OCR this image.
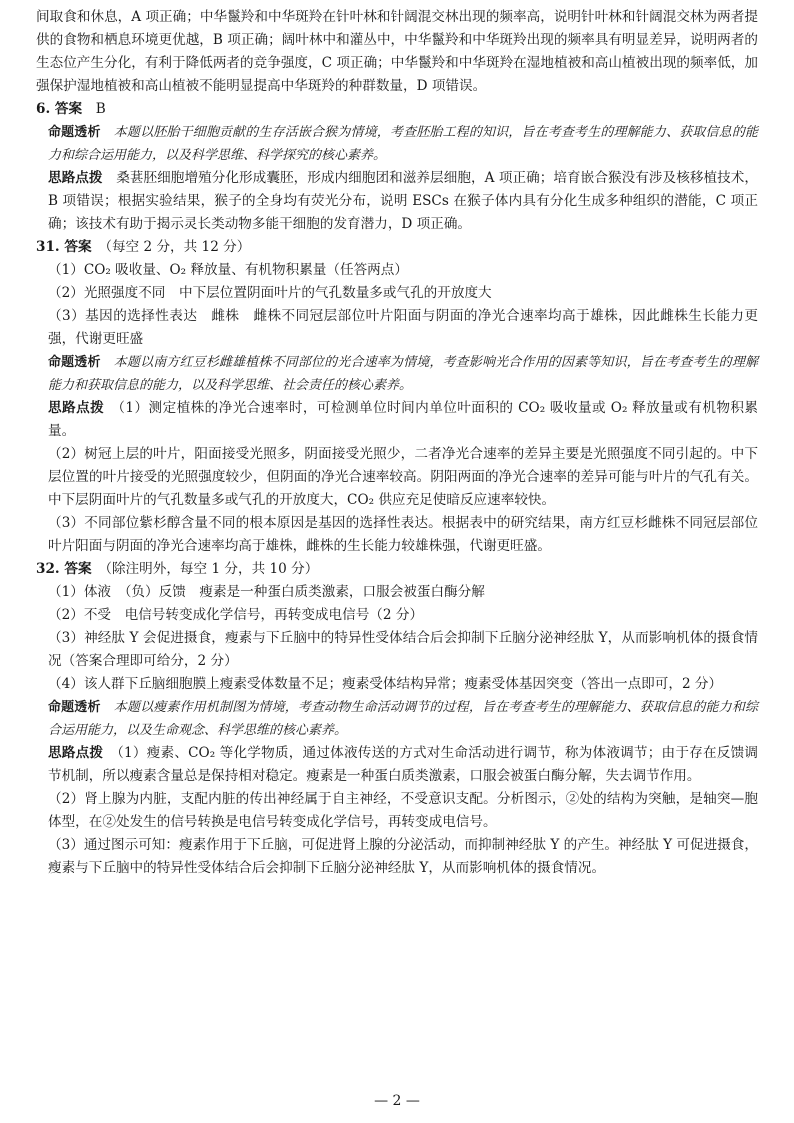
间取食和休息，A 项正确；中华鬣羚和中华斑羚在针叶林和针阔混交林出现的频率高，说明针叶林和针阔混交林为两者提供的食物和栖息环境更优越，B 项正确；阔叶林中和灌丛中，中华鬣羚和中华斑羚出现的频率具有明显差异，说明两者的生态位产生分化，有利于降低两者的竞争强度，C 项正确；中华鬣羚和中华斑羚在湿地植被和高山植被出现的频率低，加强保护湿地植被和高山植被不能明显提高中华斑羚的种群数量，D 项错误。

6. 答案　 B

命题透析　 本题以胚胎干细胞贡献的生存活嵌合猴为情境，考查胚胎工程的知识，旨在考查考生的理解能力、获取信息的能力和综合运用能力，以及科学思维、科学探究的核心素养。

思路点拨　 桑葚胚细胞增殖分化形成囊胚，形成内细胞团和滋养层细胞，A 项正确；培育嵌合猴没有涉及核移植技术，B 项错误；根据实验结果，猴子的全身均有荧光分布，说明 ESCs 在猴子体内具有分化生成多种组织的潜能，C 项正确；该技术有助于揭示灵长类动物多能干细胞的发育潜力，D 项正确。

31. 答案　 （每空 2 分，共 12 分）

（1）CO₂ 吸收量、O₂ 释放量、有机物积累量（任答两点）

（2）光照强度不同　中下层位置阴面叶片的气孔数量多或气孔的开放度大

（3）基因的选择性表达　雌株　雌株不同冠层部位叶片阳面与阴面的净光合速率均高于雄株，因此雌株生长能力更强，代谢更旺盛

命题透析　 本题以南方红豆杉雌雄植株不同部位的光合速率为情境，考查影响光合作用的因素等知识，旨在考查考生的理解能力和获取信息的能力，以及科学思维、社会责任的核心素养。

思路点拨　 （1）测定植株的净光合速率时，可检测单位时间内单位叶面积的 CO₂ 吸收量或 O₂ 释放量或有机物积累量。

（2）树冠上层的叶片，阳面接受光照多，阴面接受光照少，二者净光合速率的差异主要是光照强度不同引起的。中下层位置的叶片接受的光照强度较少，但阴面的净光合速率较高。阴阳两面的净光合速率的差异可能与叶片的气孔有关。中下层阴面叶片的气孔数量多或气孔的开放度大，CO₂ 供应充足使暗反应速率较快。

（3）不同部位紫杉醇含量不同的根本原因是基因的选择性表达。根据表中的研究结果，南方红豆杉雌株不同冠层部位叶片阳面与阴面的净光合速率均高于雄株，雌株的生长能力较雄株强，代谢更旺盛。

32. 答案　 （除注明外，每空 1 分，共 10 分）

（1）体液　（负）反馈　瘦素是一种蛋白质类激素，口服会被蛋白酶分解

（2）不受　电信号转变成化学信号，再转变成电信号（2 分）

（3）神经肽 Y 会促进摄食，瘦素与下丘脑中的特异性受体结合后会抑制下丘脑分泌神经肽 Y，从而影响机体的摄食情况（答案合理即可给分，2 分）

（4）该人群下丘脑细胞膜上瘦素受体数量不足；瘦素受体结构异常；瘦素受体基因突变（答出一点即可，2 分）

命题透析　 本题以瘦素作用机制图为情境，考查动物生命活动调节的过程，旨在考查考生的理解能力、获取信息的能力和综合运用能力，以及生命观念、科学思维的核心素养。

思路点拨　 （1）瘦素、CO₂ 等化学物质，通过体液传送的方式对生命活动进行调节，称为体液调节；由于存在反馈调节机制，所以瘦素含量总是保持相对稳定。瘦素是一种蛋白质类激素，口服会被蛋白酶分解，失去调节作用。

（2）肾上腺为内脏，支配内脏的传出神经属于自主神经，不受意识支配。分析图示，②处的结构为突触，是轴突—胞体型，在②处发生的信号转换是电信号转变成化学信号，再转变成电信号。

（3）通过图示可知：瘦素作用于下丘脑，可促进肾上腺的分泌活动，而抑制神经肽 Y 的产生。神经肽 Y 可促进摄食，瘦素与下丘脑中的特异性受体结合后会抑制下丘脑分泌神经肽 Y，从而影响机体的摄食情况。

— 2 —
